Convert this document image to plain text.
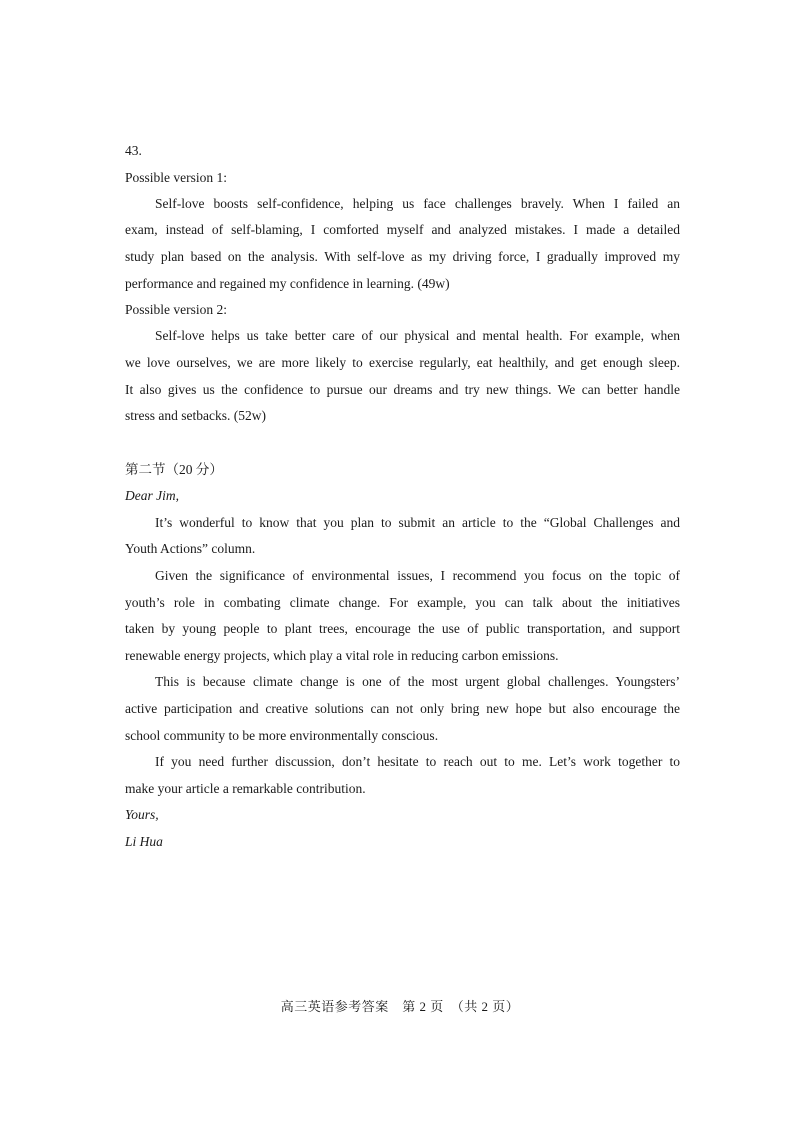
43.
Possible version 1:
Self-love boosts self-confidence, helping us face challenges bravely. When I failed an
exam, instead of self-blaming, I comforted myself and analyzed mistakes. I made a detailed
study plan based on the analysis. With self-love as my driving force, I gradually improved my
performance and regained my confidence in learning. (49w)
Possible version 2:
Self-love helps us take better care of our physical and mental health. For example, when
we love ourselves, we are more likely to exercise regularly, eat healthily, and get enough sleep.
It also gives us the confidence to pursue our dreams and try new things. We can better handle
stress and setbacks. (52w)
第二节（20 分）
Dear Jim,
It’s wonderful to know that you plan to submit an article to the “Global Challenges and
Youth Actions” column.
Given the significance of environmental issues, I recommend you focus on the topic of
youth’s role in combating climate change. For example, you can talk about the initiatives
taken by young people to plant trees, encourage the use of public transportation, and support
renewable energy projects, which play a vital role in reducing carbon emissions.
This is because climate change is one of the most urgent global challenges. Youngsters’
active participation and creative solutions can not only bring new hope but also encourage the
school community to be more environmentally conscious.
If you need further discussion, don’t hesitate to reach out to me. Let’s work together to
make your article a remarkable contribution.
Yours,
Li Hua
高三英语参考答案　第 2 页　（共 2 页）
